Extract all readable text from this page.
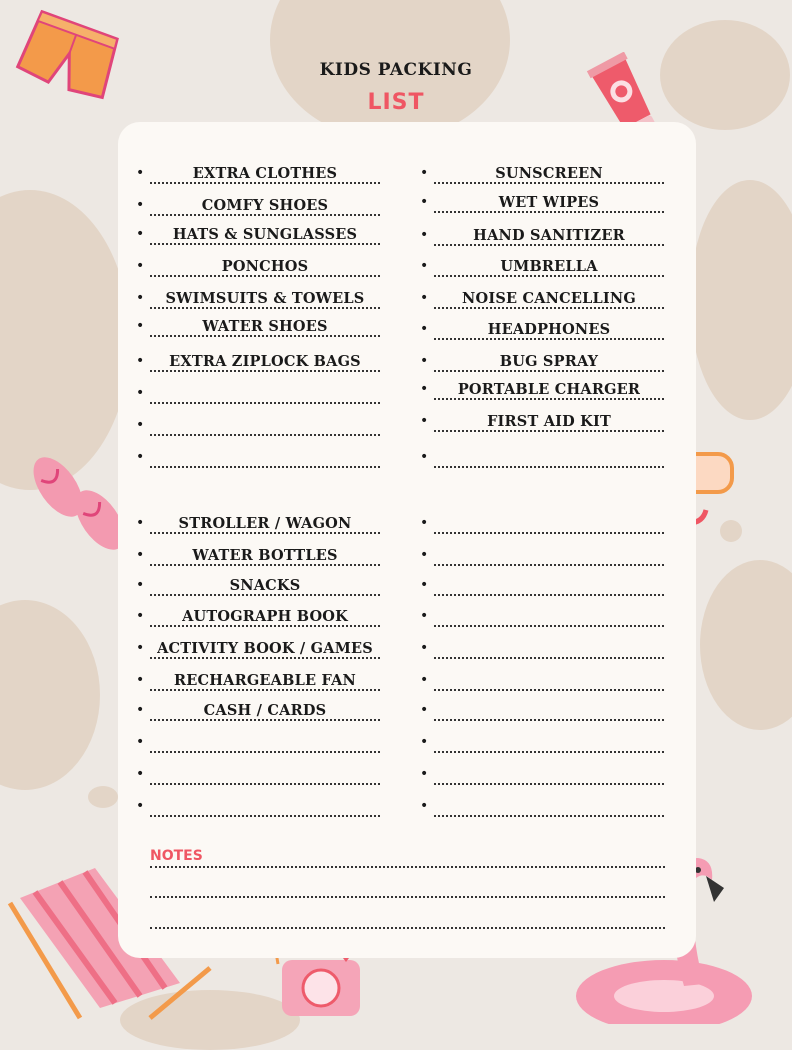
KIDS PACKING
LIST
•	EXTRA CLOTHES
•	COMFY SHOES
•	HATS & SUNGLASSES
•	PONCHOS
•	SWIMSUITS & TOWELS
•	WATER SHOES
•	EXTRA ZIPLOCK BAGS
•
•
•
•	SUNSCREEN
•	WET WIPES
•	HAND SANITIZER
•	UMBRELLA
•	NOISE CANCELLING
•	HEADPHONES
•	BUG SPRAY
•	PORTABLE CHARGER
•	FIRST AID KIT
•
•	STROLLER / WAGON
•	WATER BOTTLES
•	SNACKS
•	AUTOGRAPH BOOK
• ACTIVITY BOOK / GAMES
•	RECHARGEABLE FAN
•	CASH / CARDS
•
•
•
•
•
•
•
•
•
•
•
•
•
NOTES
